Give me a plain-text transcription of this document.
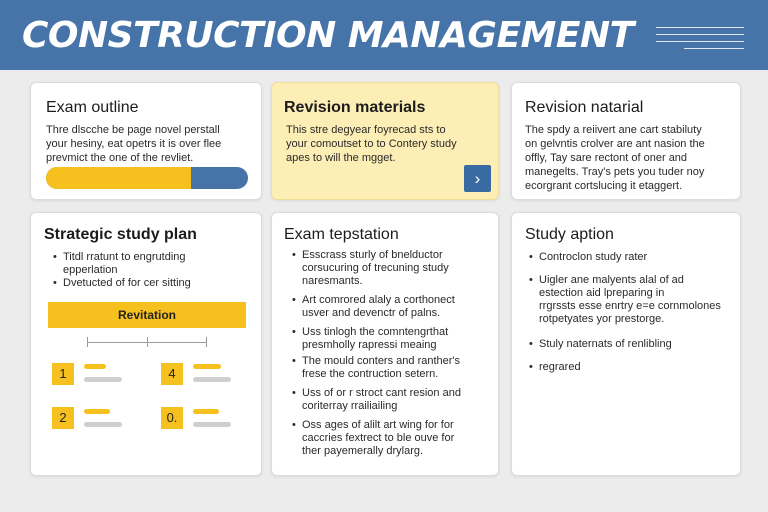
CONSTRUCTION MANAGEMENT
Exam outline
Thre dlscche be page novel perstall
your hesiny, eat opetrs it is over flee
prevmict the one of the revliet.
Revision materials
This stre degyear foyrecad sts to
your comoutset to to Contery study
apes to will the mgget.
›
Revision natarial
The spdy a reiivert ane cart stabiluty
on gelvntis crolver are ant nasion the
offly, Tay sare rectont of oner and
manegelts. Tray's pets you tuder noy
ecorgrant cortslucing it etaggert.
Strategic study plan
• Titdl rratunt to engrutding
epperlation
• Dvetucted of for cer sitting
Revitation
1	4
2	0.
Exam tepstation
• Esscrass sturly of bnelductor
corsucuring of trecuning study
naresmants.
• Art comrored alaly a corthonect
usver and devenctr of palns.
• Uss tinlogh the comntengrthat
presmholly rapressi meaing
• The mould conters and ranther's
frese the contruction setern.
• Uss of or r stroct cant resion and
coriterray rrailiailing
• Oss ages of alilt art wing for for
caccries fextrect to ble ouve for
ther payemerally drylarg.
Study aption
• Controclon study rater
• Uigler ane malyents alal of ad
estection aid lpreparing in
rrgrssts esse enrtry e=e cornmolones
rotpetyates yor prestorge.
• Stuly naternats of renlibling
• regrared
